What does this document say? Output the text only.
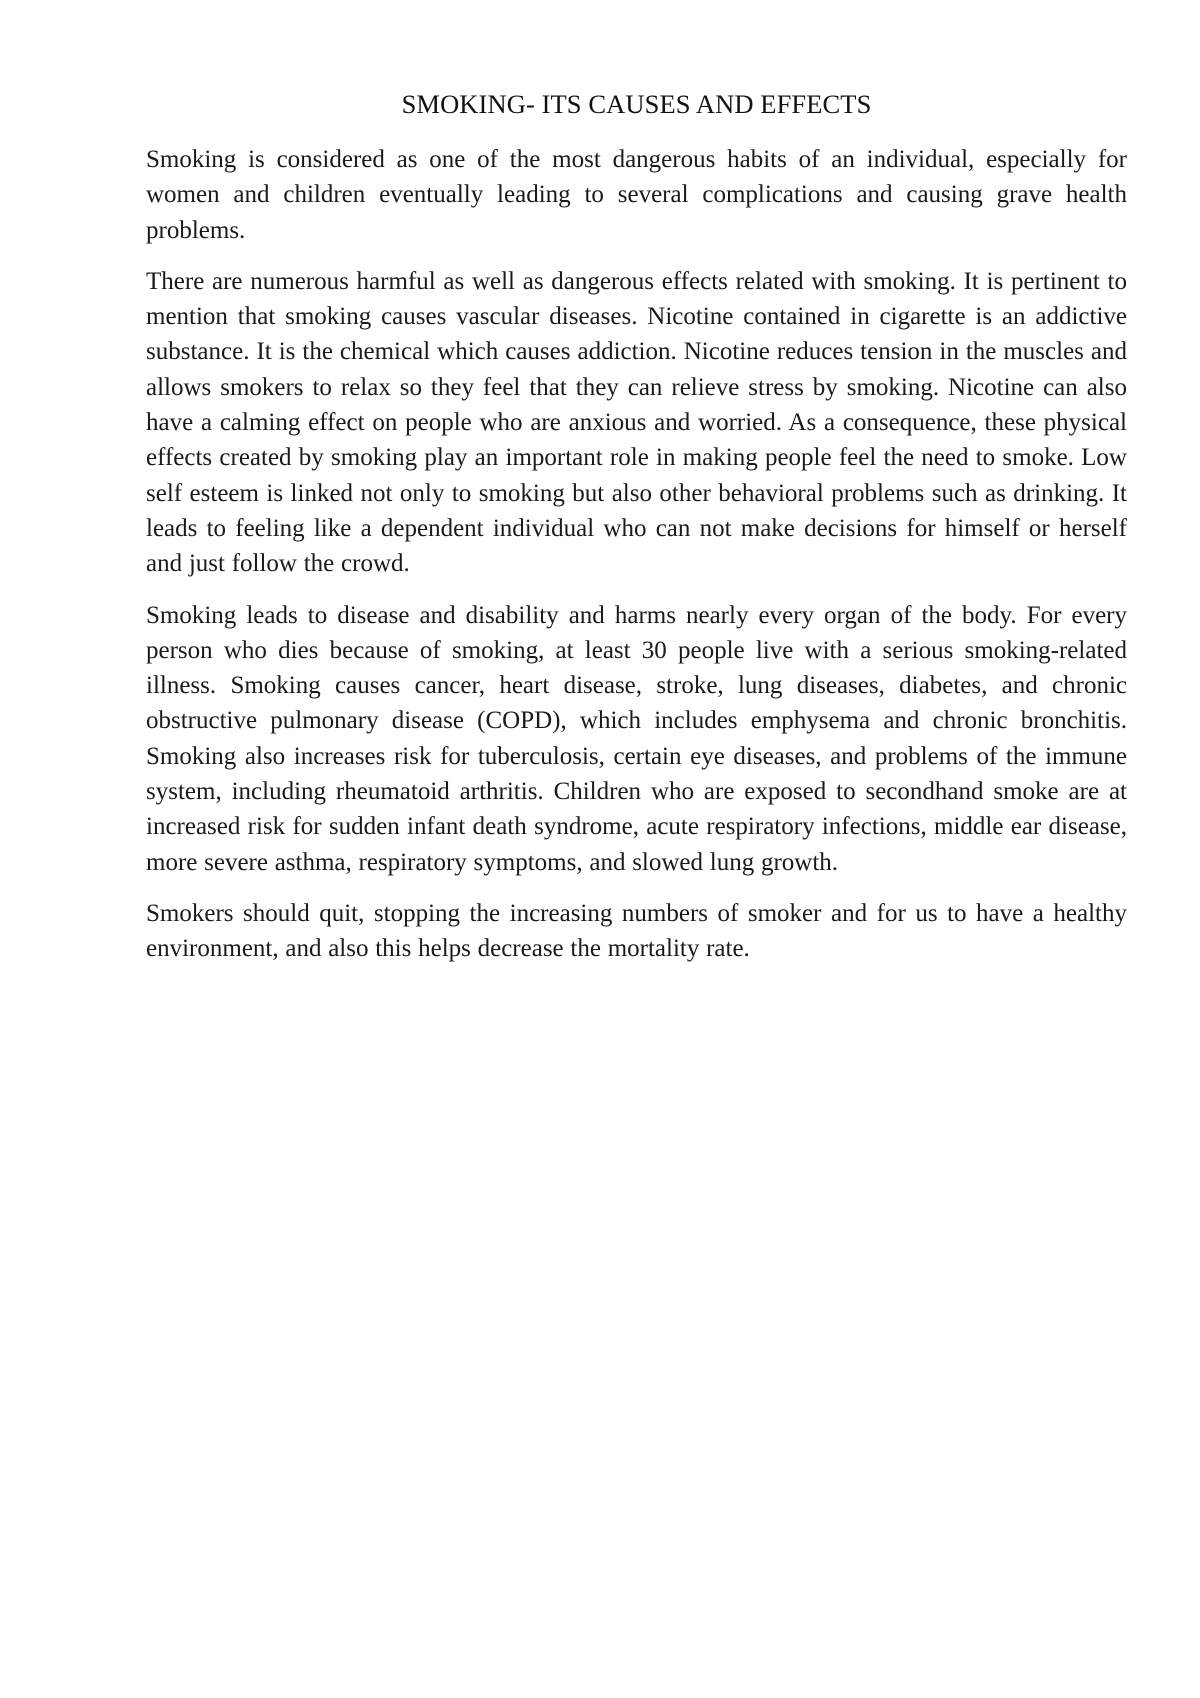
SMOKING- ITS CAUSES AND EFFECTS

Smoking is considered as one of the most dangerous habits of an individual, especially for women and children eventually leading to several complications and causing grave health problems.

There are numerous harmful as well as dangerous effects related with smoking. It is pertinent to mention that smoking causes vascular diseases. Nicotine contained in cigarette is an addictive substance. It is the chemical which causes addiction. Nicotine reduces tension in the muscles and allows smokers to relax so they feel that they can relieve stress by smoking. Nicotine can also have a calming effect on people who are anxious and worried. As a consequence, these physical effects created by smoking play an important role in making people feel the need to smoke. Low self esteem is linked not only to smoking but also other behavioral problems such as drinking. It leads to feeling like a dependent individual who can not make decisions for himself or herself and just follow the crowd.

Smoking leads to disease and disability and harms nearly every organ of the body. For every person who dies because of smoking, at least 30 people live with a serious smoking-related illness. Smoking causes cancer, heart disease, stroke, lung diseases, diabetes, and chronic obstructive pulmonary disease (COPD), which includes emphysema and chronic bronchitis. Smoking also increases risk for tuberculosis, certain eye diseases, and problems of the immune system, including rheumatoid arthritis. Children who are exposed to secondhand smoke are at increased risk for sudden infant death syndrome, acute respiratory infections, middle ear disease, more severe asthma, respiratory symptoms, and slowed lung growth.

Smokers should quit, stopping the increasing numbers of smoker and for us to have a healthy environment, and also this helps decrease the mortality rate.
